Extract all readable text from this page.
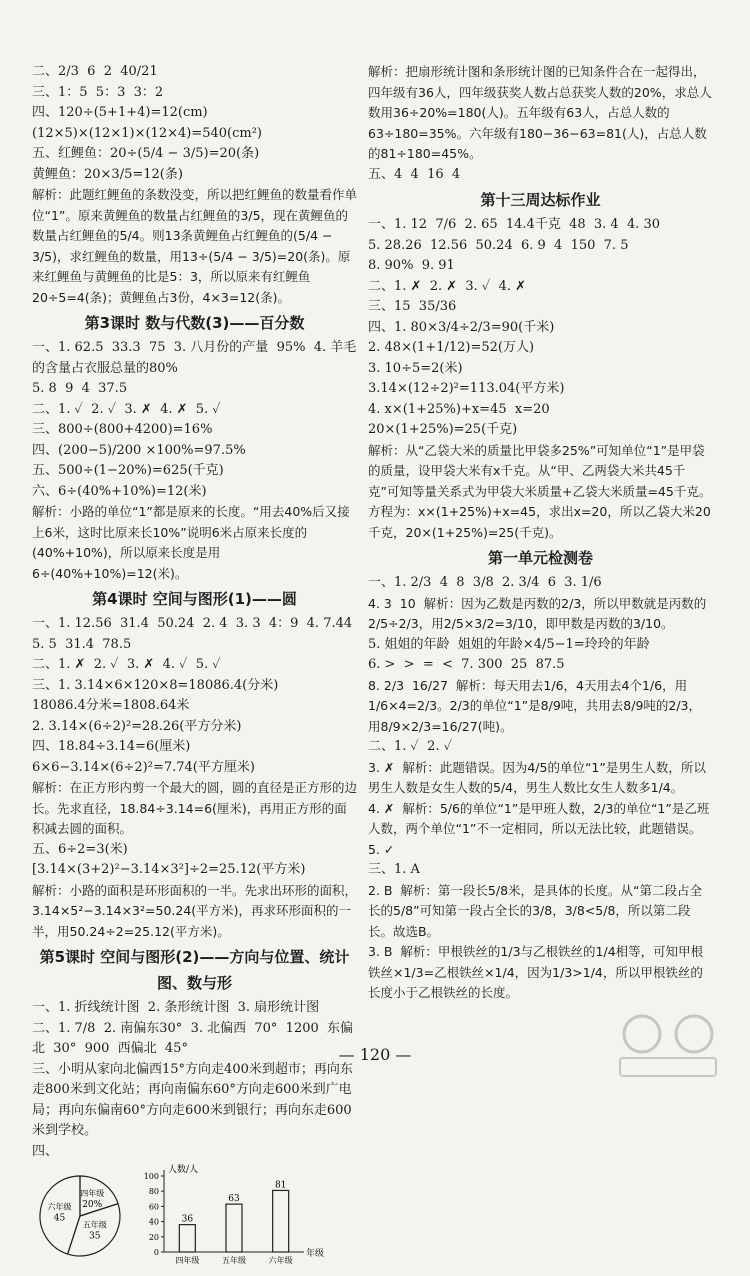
二、2/3  6  2  40/21
三、1：5  5：3  3：2
四、120÷(5+1+4)=12(cm)
(12×5)×(12×1)×(12×4)=540(cm²)
五、红鲤鱼：20÷(5/4 − 3/5)=20(条)
黄鲤鱼：20×3/5=12(条)
解析：此题红鲤鱼的条数没变，所以把红鲤鱼的数量看作单位“1”。原来黄鲤鱼的数量占红鲤鱼的3/5，现在黄鲤鱼的数量占红鲤鱼的5/4。则13条黄鲤鱼占红鲤鱼的(5/4 − 3/5)，求红鲤鱼的数量，用13÷(5/4 − 3/5)=20(条)。原来红鲤鱼与黄鲤鱼的比是5：3，所以原来有红鲤鱼20÷5=4(条)；黄鲤鱼占3份，4×3=12(条)。
第3课时 数与代数(3)——百分数
一、1. 62.5  33.3  75  3. 八月份的产量  95%  4. 羊毛的含量占衣服总量的80%
5. 8  9  4  37.5
二、1. ✓  2. ✓  3. ✗  4. ✗  5. ✓
三、800÷(800+4200)=16%
四、(200−5)/200 ×100%=97.5%
五、500÷(1−20%)=625(千克)
六、6÷(40%+10%)=12(米)
解析：小路的单位“1”都是原来的长度。“用去40%后又接上6米，这时比原来长10%”说明6米占原来长度的(40%+10%)，所以原来长度是用6÷(40%+10%)=12(米)。
第4课时 空间与图形(1)——圆
一、1. 12.56  31.4  50.24  2. 4  3. 3  4：9  4. 7.44  5. 5  31.4  78.5
二、1. ✗  2. ✓  3. ✗  4. ✓  5. ✓
三、1. 3.14×6×120×8=18086.4(分米)
18086.4分米=1808.64米
2. 3.14×(6÷2)²=28.26(平方分米)
四、18.84÷3.14=6(厘米)
6×6−3.14×(6÷2)²=7.74(平方厘米)
解析：在正方形内剪一个最大的圆，圆的直径是正方形的边长。先求直径，18.84÷3.14=6(厘米)，再用正方形的面积减去圆的面积。
五、6÷2=3(米)
[3.14×(3+2)²−3.14×3²]÷2=25.12(平方米)
解析：小路的面积是环形面积的一半。先求出环形的面积，3.14×5²−3.14×3²=50.24(平方米)，再求环形面积的一半，用50.24÷2=25.12(平方米)。
第5课时 空间与图形(2)——方向与位置、统计图、数与形
一、1. 折线统计图  2. 条形统计图  3. 扇形统计图
二、1. 7/8  2. 南偏东30°  3. 北偏西  70°  1200  东偏北  30°  900  西偏北  45°
三、小明从家向北偏西15°方向走400米到超市；再向东走800米到文化站；再向南偏东60°方向走600米到广电局；再向东偏南60°方向走600米到银行；再向东走600米到学校。
四、
四年级
20%
五年级
35
六年级
45
人数/人
年级
0
20
40
60
80
100
36
四年级
63
五年级
81
六年级
解析：把扇形统计图和条形统计图的已知条件合在一起得出，四年级有36人，四年级获奖人数占总获奖人数的20%，求总人数用36÷20%=180(人)。五年级有63人，占总人数的63÷180=35%。六年级有180−36−63=81(人)，占总人数的81÷180=45%。
五、4  4  16  4
第十三周达标作业
一、1. 12  7/6  2. 65  14.4千克  48  3. 4  4. 30
5. 28.26  12.56  50.24  6. 9  4  150  7. 5
8. 90%  9. 91
二、1. ✗  2. ✗  3. ✓  4. ✗
三、15  35/36
四、1. 80×3/4÷2/3=90(千米)
2. 48×(1+1/12)=52(万人)
3. 10÷5=2(米)
3.14×(12÷2)²=113.04(平方米)
4. x×(1+25%)+x=45  x=20
20×(1+25%)=25(千克)
解析：从“乙袋大米的质量比甲袋多25%”可知单位“1”是甲袋的质量，设甲袋大米有x千克。从“甲、乙两袋大米共45千克”可知等量关系式为甲袋大米质量+乙袋大米质量=45千克。方程为：x×(1+25%)+x=45，求出x=20，所以乙袋大米20千克，20×(1+25%)=25(千克)。
第一单元检测卷
一、1. 2/3  4  8  3/8  2. 3/4  6  3. 1/6
4. 3  10  解析：因为乙数是丙数的2/3，所以甲数就是丙数的2/5÷2/3，用2/5×3/2=3/10，即甲数是丙数的3/10。
5. 姐姐的年龄  姐姐的年龄×4/5−1=玲玲的年龄
6. >  >  =  <  7. 300  25  87.5
8. 2/3  16/27  解析：每天用去1/6，4天用去4个1/6，用1/6×4=2/3。2/3的单位“1”是8/9吨，共用去8/9吨的2/3，用8/9×2/3=16/27(吨)。
二、1. ✓  2. ✓
3. ✗  解析：此题错误。因为4/5的单位“1”是男生人数，所以男生人数是女生人数的5/4，男生人数比女生人数多1/4。
4. ✗  解析：5/6的单位“1”是甲班人数，2/3的单位“1”是乙班人数，两个单位“1”不一定相同，所以无法比较，此题错误。  5. ✓
三、1. A
2. B  解析：第一段长5/8米，是具体的长度。从“第二段占全长的5/8”可知第一段占全长的3/8，3/8<5/8，所以第二段长。故选B。
3. B  解析：甲根铁丝的1/3与乙根铁丝的1/4相等，可知甲根铁丝×1/3=乙根铁丝×1/4，因为1/3>1/4，所以甲根铁丝的长度小于乙根铁丝的长度。
— 120 —
